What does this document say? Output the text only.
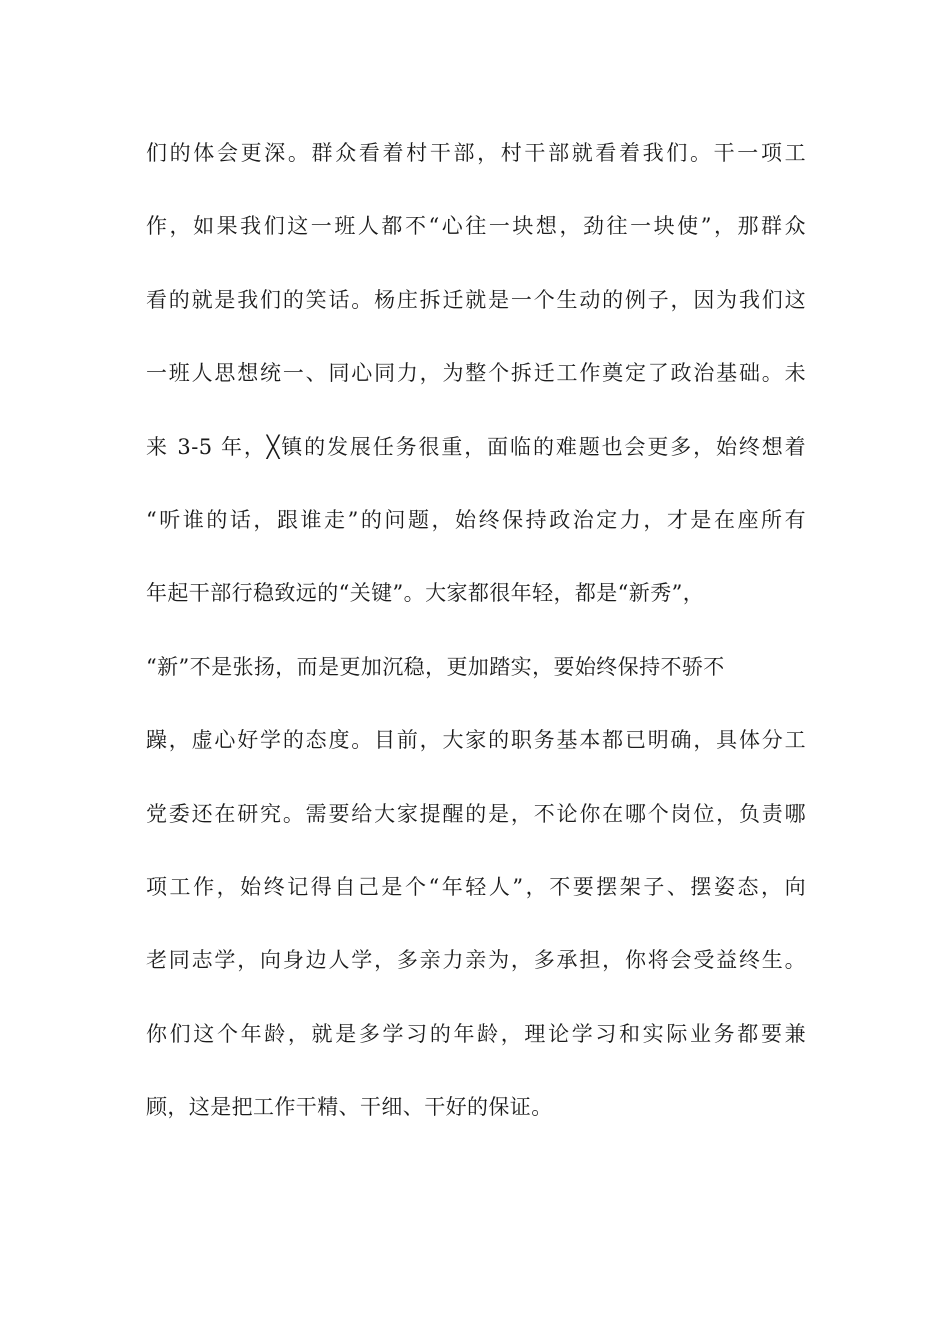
们的体会更深。群众看着村干部，村干部就看着我们。干一项工
作，如果我们这一班人都不“心往一块想，劲往一块使”，那群众
看的就是我们的笑话。杨庄拆迁就是一个生动的例子，因为我们这
一班人思想统一、同心同力，为整个拆迁工作奠定了政治基础。未
来 3-5 年，╳镇的发展任务很重，面临的难题也会更多，始终想着
“听谁的话，跟谁走”的问题，始终保持政治定力，才是在座所有
年起干部行稳致远的“关键”。大家都很年轻，都是“新秀”，
“新”不是张扬，而是更加沉稳，更加踏实，要始终保持不骄不
躁，虚心好学的态度。目前，大家的职务基本都已明确，具体分工
党委还在研究。需要给大家提醒的是，不论你在哪个岗位，负责哪
项工作，始终记得自己是个“年轻人”，不要摆架子、摆姿态，向
老同志学，向身边人学，多亲力亲为，多承担，你将会受益终生。
你们这个年龄，就是多学习的年龄，理论学习和实际业务都要兼
顾，这是把工作干精、干细、干好的保证。
